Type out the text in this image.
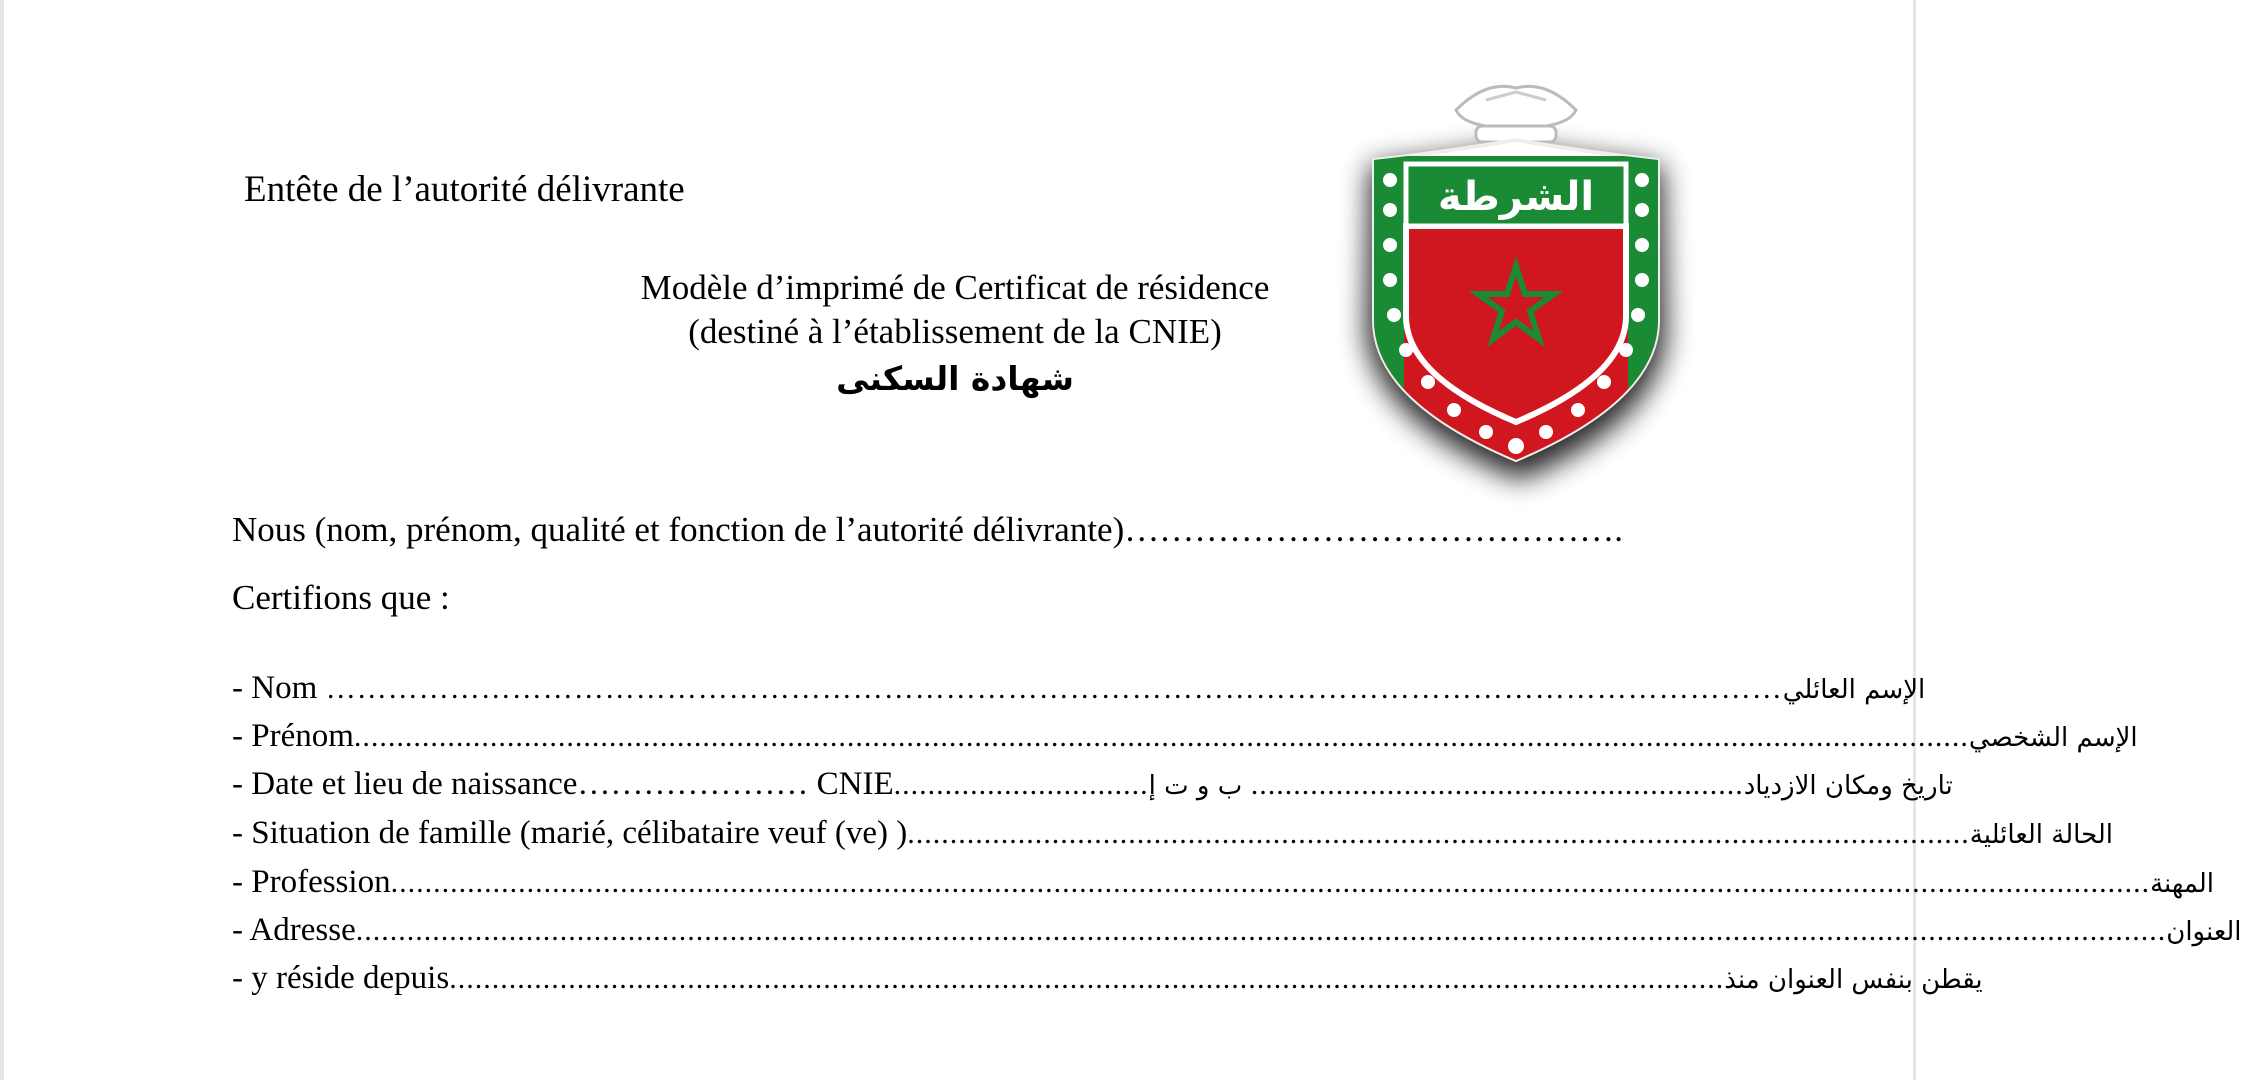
Entête de l’autorité délivrante
Modèle d’imprimé de Certificat de résidence
(destiné à l’établissement de la CNIE)
شهادة السكنى
الشرطة
Nous (nom, prénom, qualité et fonction de l’autorité délivrante)…………………………………….
Certifions que :
- Nom …………………………………………………………………………………………………………………………… الإسم العائلي
- Prénom .............................................................................................................................................................................................. الإسم الشخصي
- Date et lieu de naissance ………………… CNIE .............................. ب و ت إ .......................................................... تاريخ ومكان الازدياد
- Situation de famille (marié, célibataire veuf (ve) ) ............................................................................................................................. الحالة العائلية
- Profession ............................................................................................................................................................................................................... المهنة
- Adresse ..................................................................................................................................................................................................................... العنوان
- y réside depuis ...................................................................................................................................................... يقطن بنفس العنوان منذ
